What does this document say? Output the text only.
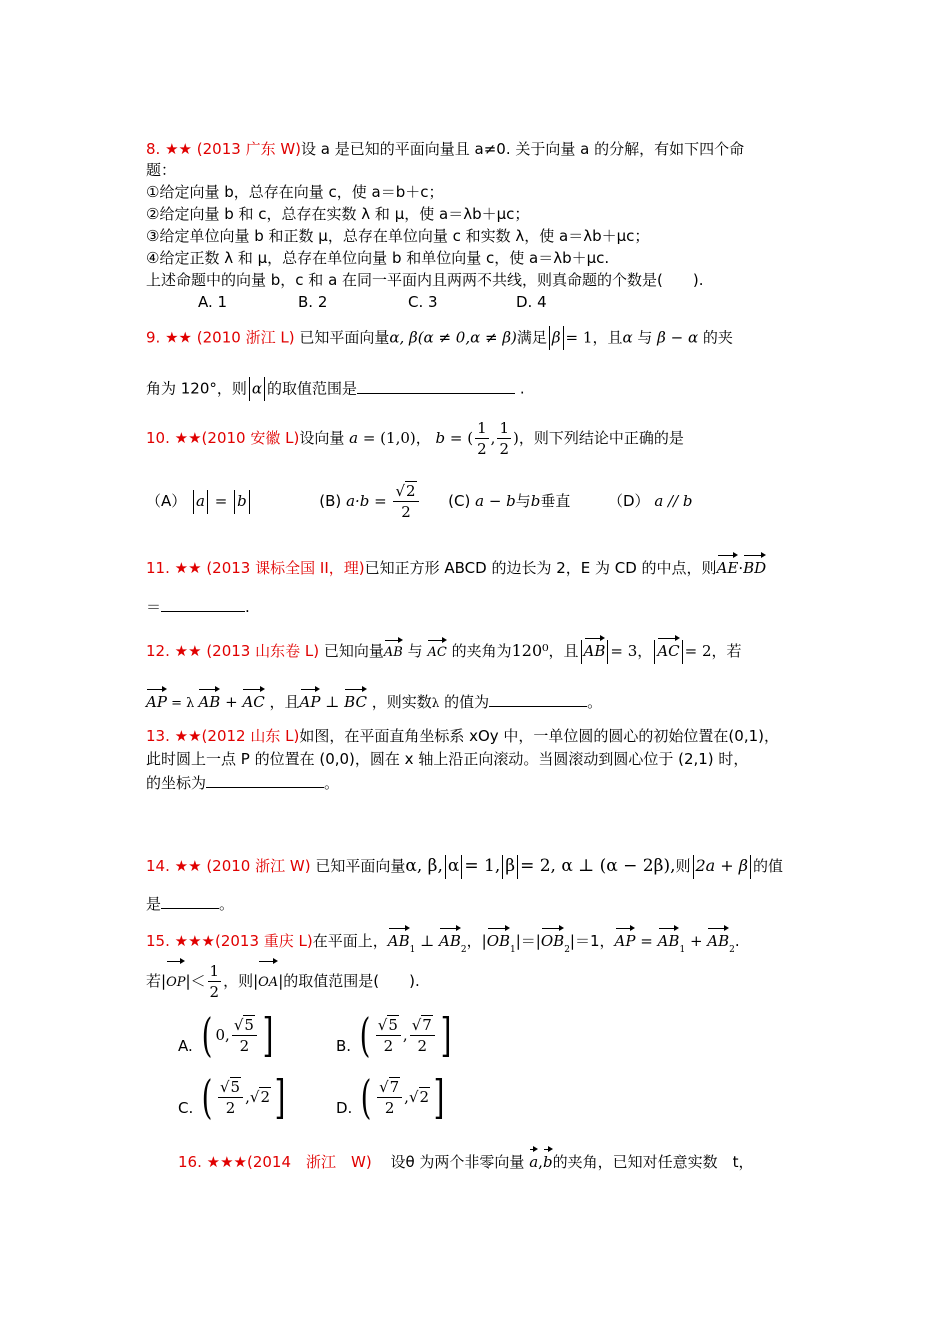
8. ★★ (2013 广东 W)设 a 是已知的平面向量且 a≠0. 关于向量 a 的分解，有如下四个命
题：
①给定向量 b，总存在向量 c，使 a＝b＋c；
②给定向量 b 和 c，总存在实数 λ 和 μ，使 a＝λb＋μc；
③给定单位向量 b 和正数 μ，总存在单位向量 c 和实数 λ，使 a＝λb＋μc；
④给定正数 λ 和 μ，总存在单位向量 b 和单位向量 c，使 a＝λb＋μc.
上述命题中的向量 b，c 和 a 在同一平面内且两两不共线，则真命题的个数是(　　).
A. 1	B. 2	C. 3	D. 4
9. ★★ (2010 浙江 L) 已知平面向量α, β(α ≠ 0,α ≠ β)满足 β = 1，且α 与 β − α 的夹
角为 120°，则 α 的取值范围是	.
10. ★★(2010 安徽 L)设向量 a = (1,0)， b = ( $\frac{1}{2}$ , $\frac{1}{2}$ )，则下列结论中正确的是
（A） a = b	(B) $a\cdot b = \frac{√2}{2} (C) a - b$与b垂直	（D） a // b
11. ★★ (2013 课标全国 II，理)已知正方形 ABCD 的边长为 2，E 为 CD 的中点，则AE·BD
＝	.
12. ★★ (2013 山东卷 L) 已知向量AB 与 AC 的夹角为120⁰，且 AB = 3， AC = 2，若
AP = λ AB + AC ，且AP ⊥ BC ，则实数λ 的值为	。
13. ★★(2012 山东 L)如图，在平面直角坐标系 xOy 中，一单位圆的圆心的初始位置在(0,1)，
此时圆上一点 P 的位置在 (0,0)，圆在 x 轴上沿正向滚动。当圆滚动到圆心位于 (2,1) 时，
的坐标为	。
14. ★★ (2010 浙江 W) 已知平面向量α, β, α = 1, β = 2, α ⊥ (α − 2β),则 2a + β 的值
是	。
15. ★★★(2013 重庆 L)在平面上，$AB_1$ ⊥ $AB_2$，$|OB_1|=|OB_2|=1$，AP = $AB_1 + AB_2$.
若$|OP|< \frac{1}{2}$ ，则|OA|的取值范围是(　　).
A. ( 0, $\frac{√5}{2}$ ]	B. ( $\frac{√5}{2}$ , $\frac{√7}{2}$ ]
C. ( $\frac{√5}{2}$ , √2 ]	D. ( $\frac{√7}{2}$ , √2 ]
16. ★★★(2014　浙江　W) 设θ 为两个非零向量 a,b的夹角，已知对任意实数　t，
